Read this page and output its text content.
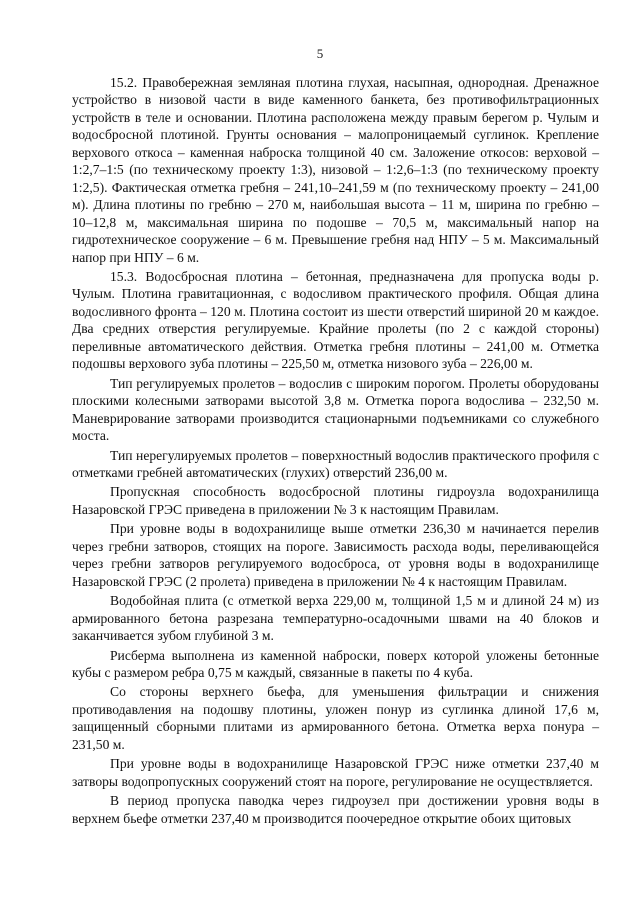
5

15.2. Правобережная земляная плотина глухая, насыпная, однородная. Дренажное устройство в низовой части в виде каменного банкета, без противофильтрационных устройств в теле и основании. Плотина расположена между правым берегом р. Чулым и водосбросной плотиной. Грунты основания – малопроницаемый суглинок. Крепление верхового откоса – каменная наброска толщиной 40 см. Заложение откосов: верховой – 1:2,7–1:5 (по техническому проекту 1:3), низовой – 1:2,6–1:3 (по техническому проекту 1:2,5). Фактическая отметка гребня – 241,10–241,59 м (по техническому проекту – 241,00 м). Длина плотины по гребню – 270 м, наибольшая высота – 11 м, ширина по гребню – 10–12,8 м, максимальная ширина по подошве – 70,5 м, максимальный напор на гидротехническое сооружение – 6 м. Превышение гребня над НПУ – 5 м. Максимальный напор при НПУ – 6 м.

15.3. Водосбросная плотина – бетонная, предназначена для пропуска воды р. Чулым. Плотина гравитационная, с водосливом практического профиля. Общая длина водосливного фронта – 120 м. Плотина состоит из шести отверстий шириной 20 м каждое. Два средних отверстия регулируемые. Крайние пролеты (по 2 с каждой стороны) переливные автоматического действия. Отметка гребня плотины – 241,00 м. Отметка подошвы верхового зуба плотины – 225,50 м, отметка низового зуба – 226,00 м.

Тип регулируемых пролетов – водослив с широким порогом. Пролеты оборудованы плоскими колесными затворами высотой 3,8 м. Отметка порога водослива – 232,50 м. Маневрирование затворами производится стационарными подъемниками со служебного моста.

Тип нерегулируемых пролетов – поверхностный водослив практического профиля с отметками гребней автоматических (глухих) отверстий 236,00 м.

Пропускная способность водосбросной плотины гидроузла водохранилища Назаровской ГРЭС приведена в приложении № 3 к настоящим Правилам.

При уровне воды в водохранилище выше отметки 236,30 м начинается перелив через гребни затворов, стоящих на пороге. Зависимость расхода воды, переливающейся через гребни затворов регулируемого водосброса, от уровня воды в водохранилище Назаровской ГРЭС (2 пролета) приведена в приложении № 4 к настоящим Правилам.

Водобойная плита (с отметкой верха 229,00 м, толщиной 1,5 м и длиной 24 м) из армированного бетона разрезана температурно-осадочными швами на 40 блоков и заканчивается зубом глубиной 3 м.

Рисберма выполнена из каменной наброски, поверх которой уложены бетонные кубы с размером ребра 0,75 м каждый, связанные в пакеты по 4 куба.

Со стороны верхнего бьефа, для уменьшения фильтрации и снижения противодавления на подошву плотины, уложен понур из суглинка длиной 17,6 м, защищенный сборными плитами из армированного бетона. Отметка верха понура – 231,50 м.

При уровне воды в водохранилище Назаровской ГРЭС ниже отметки 237,40 м затворы водопропускных сооружений стоят на пороге, регулирование не осуществляется.

В период пропуска паводка через гидроузел при достижении уровня воды в верхнем бьефе отметки 237,40 м производится поочередное открытие обоих щитовых
